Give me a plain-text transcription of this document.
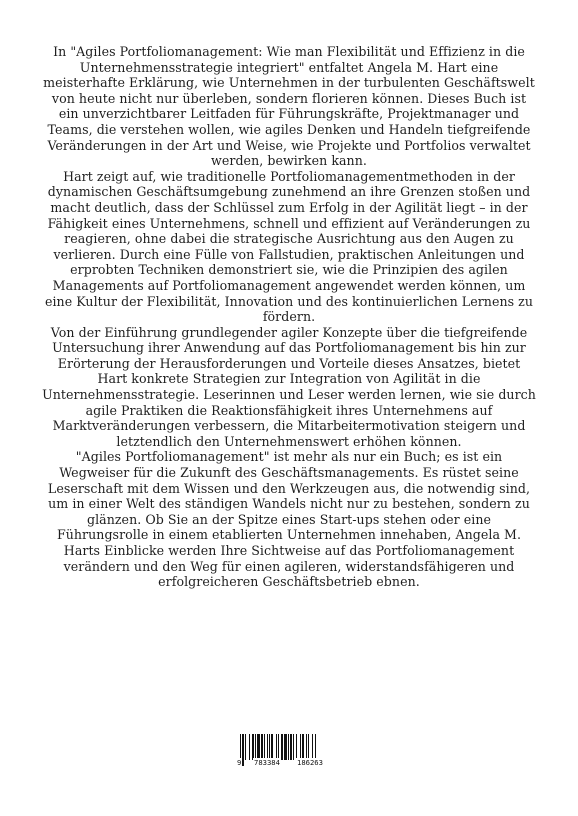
In "Agiles Portfoliomanagement: Wie man Flexibilität und Effizienz in die Unternehmensstrategie integriert" entfaltet Angela M. Hart eine meisterhafte Erklärung, wie Unternehmen in der turbulenten Geschäftswelt von heute nicht nur überleben, sondern florieren können. Dieses Buch ist ein unverzichtbarer Leitfaden für Führungskräfte, Projektmanager und Teams, die verstehen wollen, wie agiles Denken und Handeln tiefgreifende Veränderungen in der Art und Weise, wie Projekte und Portfolios verwaltet werden, bewirken kann.

Hart zeigt auf, wie traditionelle Portfoliomanagementmethoden in der dynamischen Geschäftsumgebung zunehmend an ihre Grenzen stoßen und macht deutlich, dass der Schlüssel zum Erfolg in der Agilität liegt – in der Fähigkeit eines Unternehmens, schnell und effizient auf Veränderungen zu reagieren, ohne dabei die strategische Ausrichtung aus den Augen zu verlieren. Durch eine Fülle von Fallstudien, praktischen Anleitungen und erprobten Techniken demonstriert sie, wie die Prinzipien des agilen Managements auf Portfoliomanagement angewendet werden können, um eine Kultur der Flexibilität, Innovation und des kontinuierlichen Lernens zu fördern.

Von der Einführung grundlegender agiler Konzepte über die tiefgreifende Untersuchung ihrer Anwendung auf das Portfoliomanagement bis hin zur Erörterung der Herausforderungen und Vorteile dieses Ansatzes, bietet Hart konkrete Strategien zur Integration von Agilität in die Unternehmensstrategie. Leserinnen und Leser werden lernen, wie sie durch agile Praktiken die Reaktionsfähigkeit ihres Unternehmens auf Marktveränderungen verbessern, die Mitarbeitermotivation steigern und letztendlich den Unternehmenswert erhöhen können.

"Agiles Portfoliomanagement" ist mehr als nur ein Buch; es ist ein Wegweiser für die Zukunft des Geschäftsmanagements. Es rüstet seine Leserschaft mit dem Wissen und den Werkzeugen aus, die notwendig sind, um in einer Welt des ständigen Wandels nicht nur zu bestehen, sondern zu glänzen. Ob Sie an der Spitze eines Start-ups stehen oder eine Führungsrolle in einem etablierten Unternehmen innehaben, Angela M. Harts Einblicke werden Ihre Sichtweise auf das Portfoliomanagement verändern und den Weg für einen agileren, widerstandsfähigeren und erfolgreicheren Geschäftsbetrieb ebnen.

9 783384 186263
